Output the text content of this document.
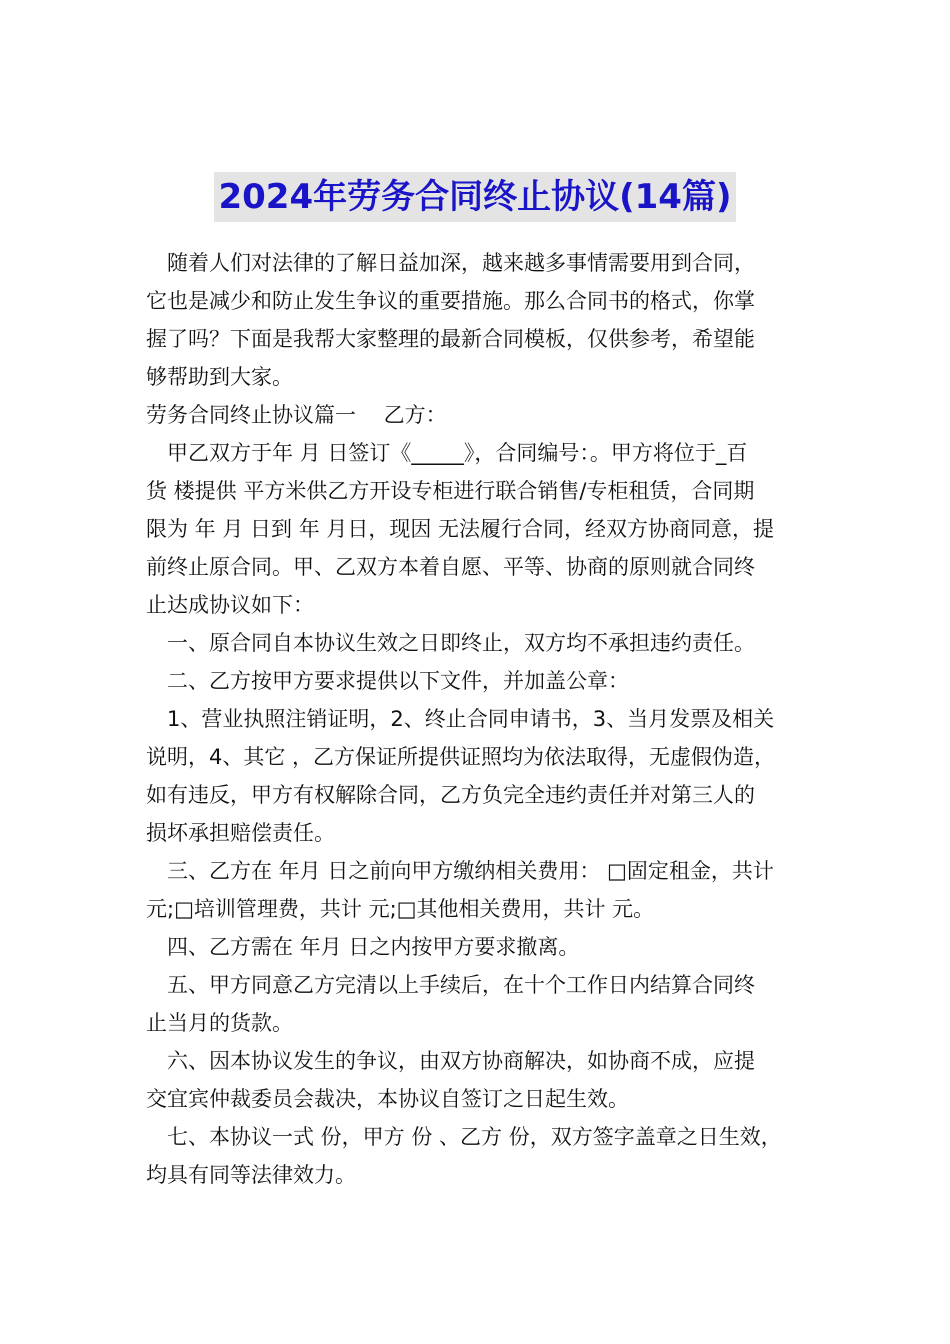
2024年劳务合同终止协议(14篇)
　随着人们对法律的了解日益加深，越来越多事情需要用到合同，
它也是减少和防止发生争议的重要措施。那么合同书的格式，你掌
握了吗？下面是我帮大家整理的最新合同模板，仅供参考，希望能
够帮助到大家。
劳务合同终止协议篇一　 乙方：
　甲乙双方于年 月 日签订《_____》，合同编号：。甲方将位于_百
货 楼提供 平方米供乙方开设专柜进行联合销售/专柜租赁，合同期
限为 年 月 日到 年 月日，现因 无法履行合同，经双方协商同意，提
前终止原合同。甲、乙双方本着自愿、平等、协商的原则就合同终
止达成协议如下：
　一、原合同自本协议生效之日即终止，双方均不承担违约责任。
　二、乙方按甲方要求提供以下文件，并加盖公章：
　1、营业执照注销证明，2、终止合同申请书，3、当月发票及相关
说明，4、其它 ，乙方保证所提供证照均为依法取得，无虚假伪造，
如有违反，甲方有权解除合同，乙方负完全违约责任并对第三人的
损坏承担赔偿责任。
　三、乙方在 年月 日之前向甲方缴纳相关费用： □固定租金，共计
元;□培训管理费，共计 元;□其他相关费用，共计 元。
　四、乙方需在 年月 日之内按甲方要求撤离。
　五、甲方同意乙方完清以上手续后，在十个工作日内结算合同终
止当月的货款。
　六、因本协议发生的争议，由双方协商解决，如协商不成，应提
交宜宾仲裁委员会裁决，本协议自签订之日起生效。
　七、本协议一式 份，甲方 份 、乙方 份，双方签字盖章之日生效，
均具有同等法律效力。
